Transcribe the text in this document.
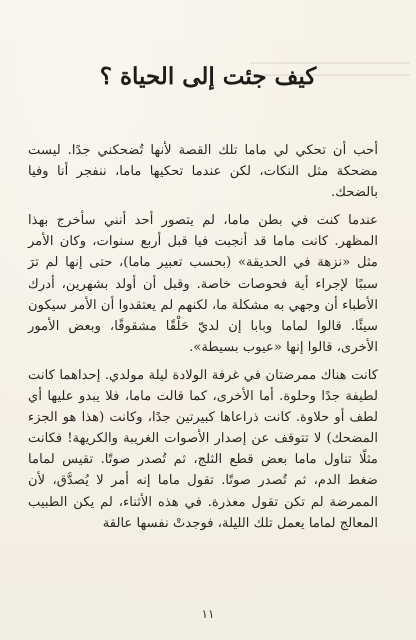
كيف جئت إلى الحياة ؟

أحب أن تحكي لي ماما تلك القصة لأنها تُضحكني جدًا. ليست مضحكة مثل النكات، لكن عندما تحكيها ماما، ننفجر أنا وفيا بالضحك.

عندما كنت في بطن ماما، لم يتصور أحد أنني سأخرج بهذا المظهر. كانت ماما قد أنجبت فيا قبل أربع سنوات، وكان الأمر مثل «نزهة في الحديقة» (بحسب تعبير ماما)، حتى إنها لم ترَ سببًا لإجراء أية فحوصات خاصة. وقبل أن أولد بشهرين، أدرك الأطباء أن وجهي به مشكلة ما، لكنهم لم يعتقدوا أن الأمر سيكون سيئًا. قالوا لماما وبابا إن لديّ حَلْقًا مشقوقًا، وبعض الأمور الأخرى، قالوا إنها «عيوب بسيطة».

كانت هناك ممرضتان في غرفة الولادة ليلة مولدي. إحداهما كانت لطيفة جدًا وحلوة. أما الأخرى، كما قالت ماما، فلا يبدو عليها أي لطف أو حلاوة. كانت ذراعاها كبيرتين جدًا، وكانت (هذا هو الجزء المضحك) لا تتوقف عن إصدار الأصوات الغريبة والكريهة! فكانت مثلًا تناول ماما بعض قطع الثلج، ثم تُصدر صوتًا. تقيس لماما ضغط الدم، ثم تُصدر صوتًا. تقول ماما إنه أمر لا يُصدَّق، لأن الممرضة لم تكن تقول معذرة. في هذه الأثناء، لم يكن الطبيب المعالج لماما يعمل تلك الليلة، فوجدتْ نفسها عالقة

١١
